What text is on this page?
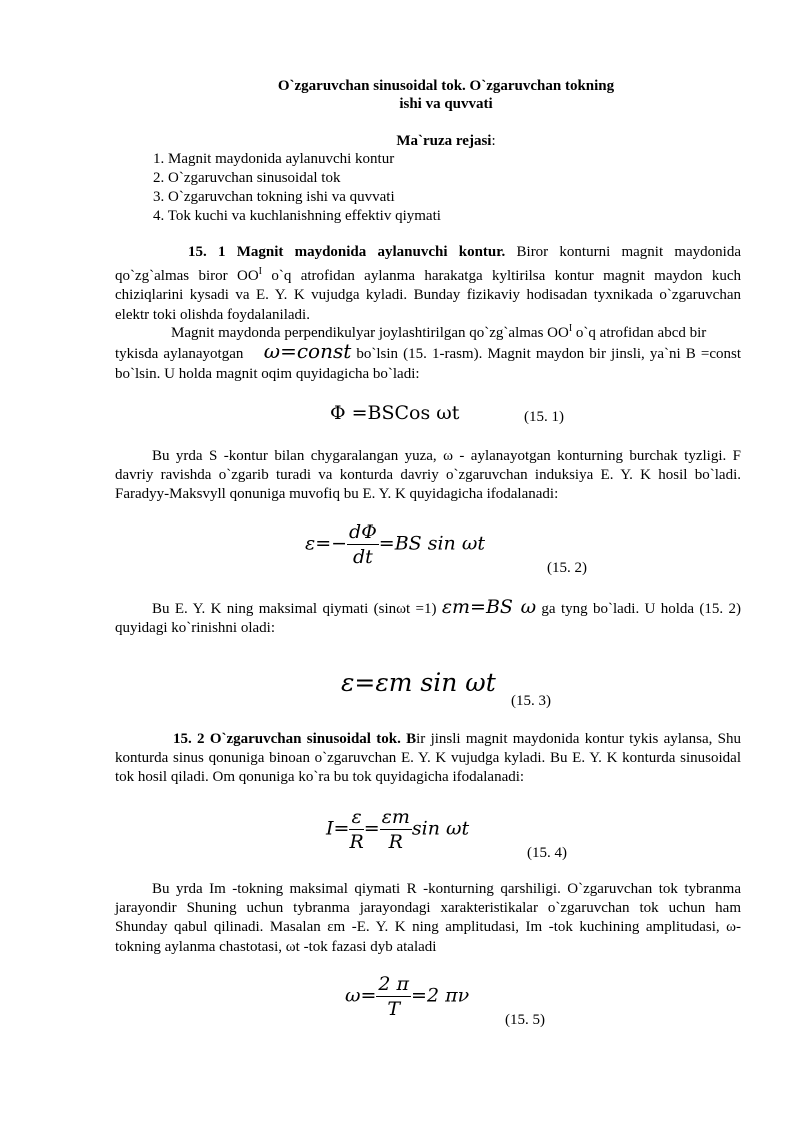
O`zgaruvchan sinusoidal tok. O`zgaruvchan tokning
ishi va quvvati
Ma`ruza rejasi:
1. Magnit maydonida aylanuvchi kontur
2. O`zgaruvchan sinusoidal tok
3. O`zgaruvchan tokning ishi va quvvati
4. Tok kuchi va kuchlanishning effektiv qiymati

15. 1 Magnit maydonida aylanuvchi kontur. Biror konturni magnit maydonida qo`zg`almas biror $OO^I$ o`q atrofidan aylanma harakatga kyltirilsa kontur magnit maydon kuch chiziqlarini kysadi va E. Y. K vujudga kyladi. Bunday fizikaviy hodisadan tyxnikada o`zgaruvchan elektr toki olishda foydalaniladi.

Magnit maydonda perpendikulyar joylashtirilgan qo`zg`almas $OO^I$ o`q atrofidan abcd bir

tykisda aylanayotgan ω=const bo`lsin (15. 1-rasm). Magnit maydon bir jinsli, ya`ni B =const bo`lsin. U holda magnit oqim quyidagicha bo`ladi:

Φ =BSCos ωt	(15. 1)

Bu yrda S -kontur bilan chygaralangan yuza, ω - aylanayotgan konturning burchak tyzligi. F davriy ravishda o`zgarib turadi va konturda davriy o`zgaruvchan induksiya E. Y. K hosil bo`ladi. Faradyy-Maksvyll qonuniga muvofiq bu E. Y. K quyidagicha ifodalanadi:

$\varepsilon=- \frac{d\Phi}{dt} =BS$ sin ωt
(15. 2)

Bu E. Y. K ning maksimal qiymati (sinωt =1) εm=BS ω ga tyng bo`ladi. U holda (15. 2) quyidagi ko`rinishni oladi:

ε=εm sin ωt
(15. 3)

15. 2 O`zgaruvchan sinusoidal tok. Bir jinsli magnit maydonida kontur tykis aylansa, Shu konturda sinus qonuniga binoan o`zgaruvchan E. Y. K vujudga kyladi. Bu E. Y. K konturda sinusoidal tok hosil qiladi. Om qonuniga ko`ra bu tok quyidagicha ifodalanadi:

$I= \frac{\varepsilon}{R} = \frac{\varepsilon m}{R}$ sin ωt
(15. 4)

Bu yrda Im -tokning maksimal qiymati R -konturning qarshiligi. O`zgaruvchan tok tybranma jarayondir Shuning uchun tybranma jarayondagi xarakteristikalar o`zgaruvchan tok uchun ham Shunday qabul qilinadi. Masalan εm -E. Y. K ning amplitudasi, Im -tok kuchining amplitudasi, ω-tokning aylanma chastotasi, ωt -tok fazasi dyb ataladi

$\omega= \frac{2 \pi}{T} =2$ πν
(15. 5)
